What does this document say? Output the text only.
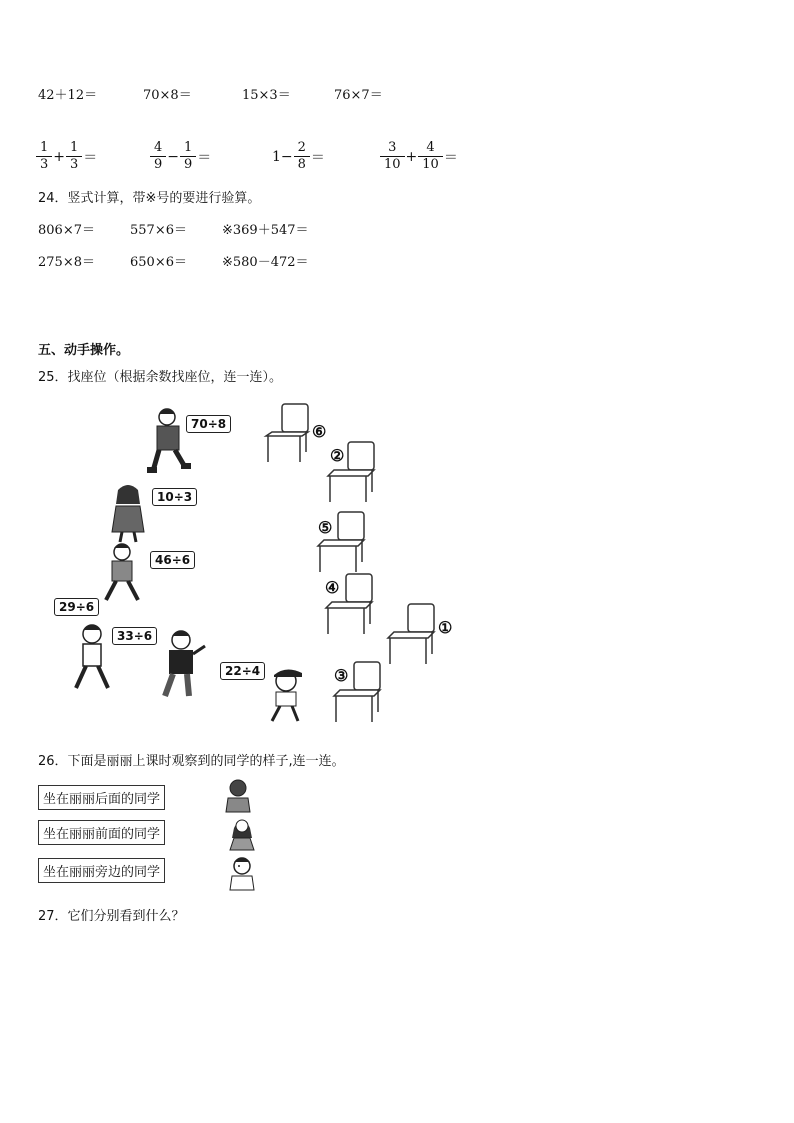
42＋12＝	70×8＝	15×3＝	76×7＝
$\frac{1}{3} + \frac{1}{3}$ ＝	$\frac{4}{9} - \frac{1}{9}$ ＝	$1- \frac{2}{8}$ ＝	$\frac{3}{10} + \frac{4}{10}$ ＝
24．竖式计算，带※号的要进行验算。
806×7＝	557×6＝	※369＋547＝
275×8＝	650×6＝	※580－472＝
五、动手操作。
25．找座位（根据余数找座位，连一连）。
70÷8
10÷3
46÷6
29÷6
33÷6
22÷4
⑥
②
⑤
④
①
③
26．下面是丽丽上课时观察到的同学的样子,连一连。
坐在丽丽后面的同学
坐在丽丽前面的同学
坐在丽丽旁边的同学
27．它们分别看到什么？
